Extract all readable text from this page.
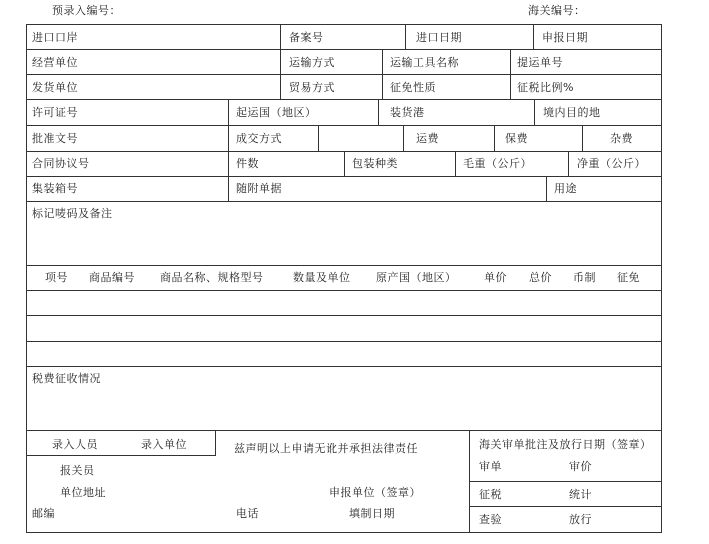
预录入编号：	海关编号：
进口口岸	备案号	进口日期	申报日期
经营单位	运输方式	运输工具名称	提运单号
发货单位	贸易方式	征免性质	征税比例%
许可证号	起运国（地区）	装货港	境内目的地
批准文号	成交方式	运费	保费	杂费
合同协议号	件数	包装种类	毛重（公斤）	净重（公斤）
集装箱号	随附单据	用途
标记唛码及备注
项号 商品编号 商品名称、规格型号	数量及单位 原产国（地区）	单价 总价 币制 征免
税费征收情况
录入人员	录入单位	兹声明以上申请无讹并承担法律责任	海关审单批注及放行日期（签章）
审单	审价
报关员
单位地址	申报单位（签章）	征税	统计
邮编	电话	填制日期	查验	放行
